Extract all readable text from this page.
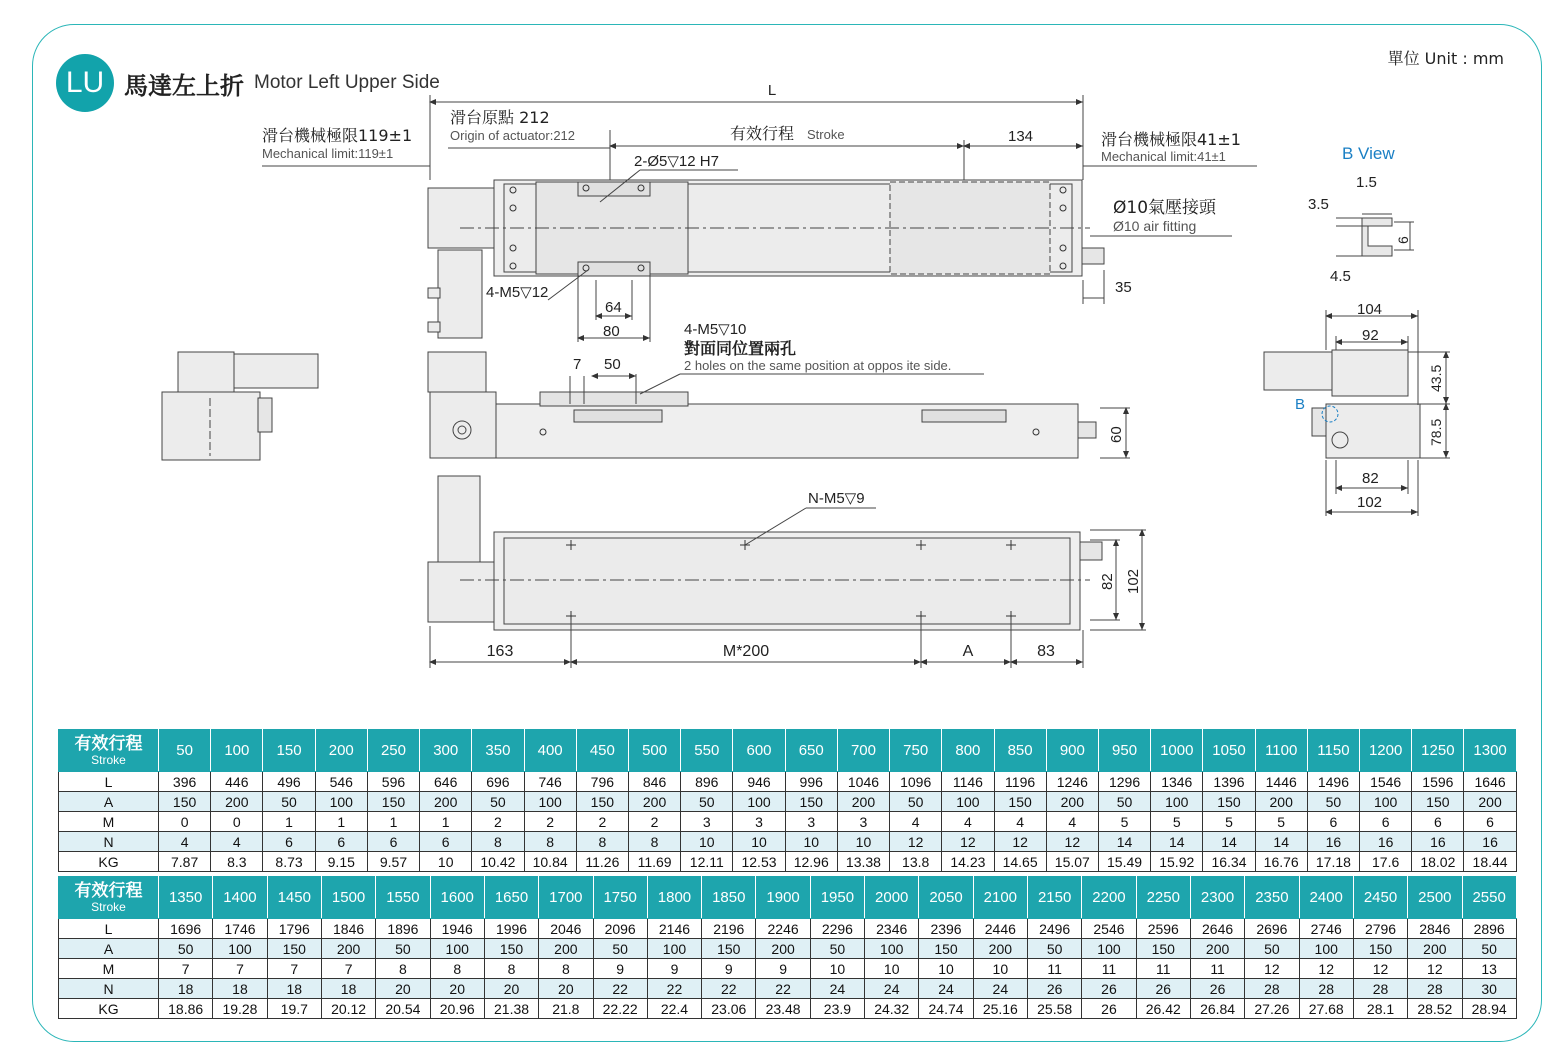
LU 馬達左上折 Motor Left Upper Side
單位 Unit : mm
L
滑台原點 212
Origin of actuator:212
滑台機械極限119±1
Mechanical limit:119±1
有效行程 Stroke	134	滑台機械極限41±1
Mechanical limit:41±1
2-Ø5▽12 H7
Ø10氣壓接頭
Ø10 air fitting
4-M5▽12
64
80
35
4-M5▽10
對面同位置兩孔
2 holes on the same position at oppos ite side.
7 50
60
N-M5▽9
82 102
163	M*200	A	83
B View
1.5
3.5
6
4.5
104
92
43.5
78.5
82
102
B
有效行程
Stroke	50	100	150	200	250	300	350	400	450	500	550	600	650	700	750	800	850	900	950	1000	1050	1100	1150	1200	1250	1300
L	396	446	496	546	596	646	696	746	796	846	896	946	996	1046	1096	1146	1196	1246	1296	1346	1396	1446	1496	1546	1596	1646
A	150	200	50	100	150	200	50	100	150	200	50	100	150	200	50	100	150	200	50	100	150	200	50	100	150	200
M	0	0	1	1	1	1	2	2	2	2	3	3	3	3	4	4	4	4	5	5	5	5	6	6	6	6
N	4	4	6	6	6	6	8	8	8	8	10	10	10	10	12	12	12	12	14	14	14	14	16	16	16	16
KG	7.87	8.3	8.73	9.15	9.57	10	10.42	10.84	11.26	11.69	12.11	12.53	12.96	13.38	13.8	14.23	14.65	15.07	15.49	15.92	16.34	16.76	17.18	17.6	18.02	18.44
有效行程
Stroke	1350	1400	1450	1500	1550	1600	1650	1700	1750	1800	1850	1900	1950	2000	2050	2100	2150	2200	2250	2300	2350	2400	2450	2500	2550
L	1696	1746	1796	1846	1896	1946	1996	2046	2096	2146	2196	2246	2296	2346	2396	2446	2496	2546	2596	2646	2696	2746	2796	2846	2896
A	50	100	150	200	50	100	150	200	50	100	150	200	50	100	150	200	50	100	150	200	50	100	150	200	50
M	7	7	7	7	8	8	8	8	9	9	9	9	10	10	10	10	11	11	11	11	12	12	12	12	13
N	18	18	18	18	20	20	20	20	22	22	22	22	24	24	24	24	26	26	26	26	28	28	28	28	30
KG	18.86	19.28	19.7	20.12	20.54	20.96	21.38	21.8	22.22	22.4	23.06	23.48	23.9	24.32	24.74	25.16	25.58	26	26.42	26.84	27.26	27.68	28.1	28.52	28.94
